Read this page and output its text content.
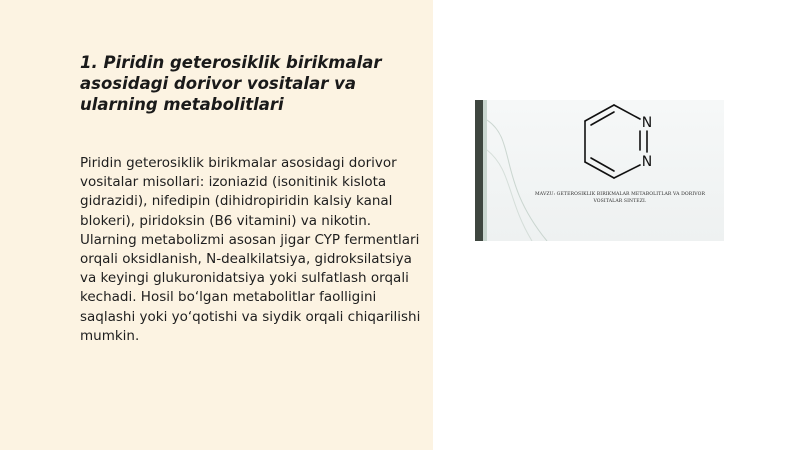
1. Piridin geterosiklik birikmalar asosidagi dorivor vositalar va ularning metabolitlari

Piridin geterosiklik birikmalar asosidagi dorivor vositalar misollari: izoniazid (isonitinik kislota gidrazidi), nifedipin (dihidropiridin kalsiy kanal blokeri), piridoksin (B6 vitamini) va nikotin. Ularning metabolizmi asosan jigar CYP fermentlari orqali oksidlanish, N-dealkilatsiya, gidroksilatsiya va keyingi glukuronidatsiya yoki sulfatlash orqali kechadi. Hosil bo‘lgan metabolitlar faolligini saqlashi yoki yo‘qotishi va siydik orqali chiqarilishi mumkin.

N
N
MAVZU: GETEROSIKLIK BIRIKMALAR METABOLITLAR VA DORIVOR VOSITALAR SINTEZI.
